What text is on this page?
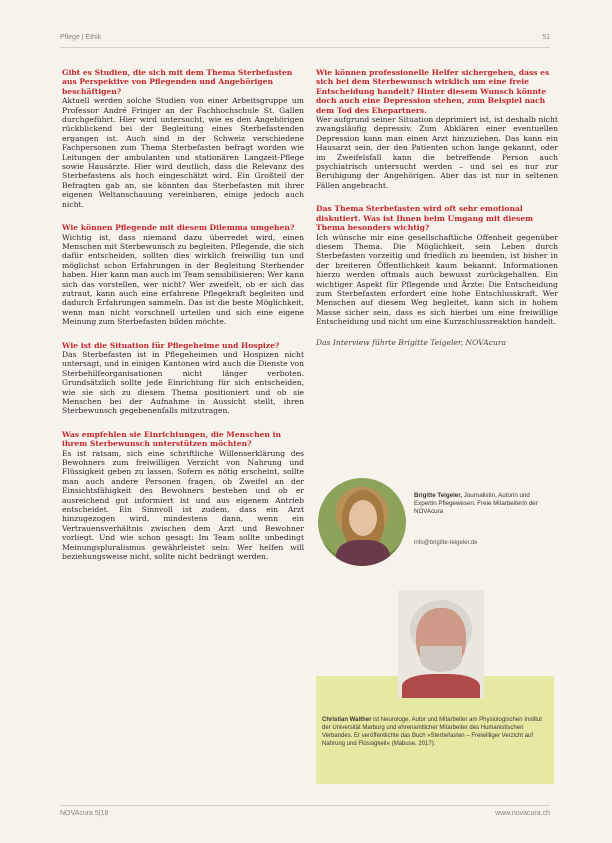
Pflege | Ethik	51

Gibt es Studien, die sich mit dem Thema Sterbefasten aus Perspektive von Pflegenden und Angehörigen beschäftigen?

Aktuell werden solche Studien von einer Arbeitsgruppe um Professor André Fringer an der Fachhochschule St. Gallen durchgeführt. Hier wird untersucht, wie es den Angehörigen rückblickend bei der Begleitung eines Sterbefastenden ergangen ist. Auch sind in der Schweiz verschiedene Fachpersonen zum Thema Sterbefasten befragt worden wie Leitungen der ambulanten und stationären Langzeit-Pflege sowie Hausärzte. Hier wird deutlich, dass die Relevanz des Sterbefastens als hoch eingeschätzt wird. Ein Großteil der Befragten gab an, sie könnten das Sterbefasten mit ihrer eigenen Weltanschauung vereinbaren, einige jedoch auch nicht.

Wie können Pflegende mit diesem Dilemma umgehen?

Wichtig ist, dass niemand dazu überredet wird, einen Menschen mit Sterbewunsch zu begleiten. Pflegende, die sich dafür entscheiden, sollten dies wirklich freiwillig tun und möglichst schon Erfahrungen in der Begleitung Sterbender haben. Hier kann man auch im Team sensibilisieren: Wer kann sich das vorstellen, wer nicht? Wer zweifelt, ob er sich das zutraut, kann auch eine erfahrene Pflegekraft begleiten und dadurch Erfahrungen sammeln. Das ist die beste Möglichkeit, wenn man nicht vorschnell urteilen und sich eine eigene Meinung zum Sterbefasten bilden möchte.

Wie ist die Situation für Pflegeheime und Hospize?

Das Sterbefasten ist in Pflegeheimen und Hospizen nicht untersagt, und in einigen Kantonen wird auch die Dienste von Sterbehilfeorganisationen nicht länger verboten. Grundsätzlich sollte jede Einrichtung für sich entscheiden, wie sie sich zu diesem Thema positioniert und ob sie Menschen bei der Aufnahme in Aussicht stellt, ihren Sterbewunsch gegebenenfalls mitzutragen.

Was empfehlen sie Einrichtungen, die Menschen in ihrem Sterbewunsch unterstützen möchten?

Es ist ratsam, sich eine schriftliche Willenserklärung des Bewohners zum freiwilligen Verzicht von Nahrung und Flüssigkeit geben zu lassen. Sofern es nötig erscheint, sollte man auch andere Personen fragen, ob Zweifel an der Einsichtsfähigkeit des Bewohners bestehen und ob er ausreichend gut informiert ist und aus eigenem Antrieb entscheidet. Ein Sinnvoll ist zudem, dass ein Arzt hinzugezogen wird, mindestens dann, wenn ein Vertrauensverhältnis zwischen dem Arzt und Bewohner vorliegt. Und wie schon gesagt: Im Team sollte unbedingt Meinungspluralismus gewährleistet sein: Wer helfen will beziehungsweise nicht, sollte nicht bedrängt werden.

Wie können professionelle Helfer sichergehen, dass es sich bei dem Sterbewunsch wirklich um eine freie Entscheidung handelt? Hinter diesem Wunsch könnte doch auch eine Depression stehen, zum Beispiel nach dem Tod des Ehepartners.

Wer aufgrund seiner Situation deprimiert ist, ist deshalb nicht zwangsläufig depressiv. Zum Abklären einer eventuellen Depression kann man einen Arzt hinzuziehen. Das kann ein Hausarzt sein, der den Patienten schon lange gekannt, oder im Zweifelsfall kann die betreffende Person auch psychiatrisch untersucht werden – und sei es nur zur Beruhigung der Angehörigen. Aber das ist nur in seltenen Fällen angebracht.

Das Thema Sterbefasten wird oft sehr emotional diskutiert. Was ist Ihnen beim Umgang mit diesem Thema besonders wichtig?

Ich wünsche mir eine gesellschaftliche Offenheit gegenüber diesem Thema. Die Möglichkeit, sein Leben durch Sterbefasten vorzeitig und friedlich zu beenden, ist bisher in der breiteren Öffentlichkeit kaum bekannt. Informationen hierzu werden oftmals auch bewusst zurückgehalten. Ein wichtiger Aspekt für Pflegende und Ärzte: Die Entscheidung zum Sterbefasten erfordert eine hohe Entschlusskraft. Wer Menschen auf diesem Weg begleitet, kann sich in hohem Masse sicher sein, dass es sich hierbei um eine freiwillige Entscheidung und nicht um eine Kurzschlussreaktion handelt.

Das Interview führte Brigitte Teigeler, NOVAcura
Brigitte Teigeler, Journalistin, Autorin und Expertin Pflegewesen. Freie Mitarbeiterin der NOVAcura
info@brigitte-teigeler.de
Christian Walther ist Neurologe, Autor und Mitarbeiter am Physiologischen Institut der Universität Marburg und ehrenamtlicher Mitarbeiter des Humanistischen Verbandes. Er veröffentlichte das Buch »Sterbefasten – Freiwilliger Verzicht auf Nahrung und Flüssigkeit« (Mabuse, 2017).
NOVAcura 5|18	www.novacura.ch
